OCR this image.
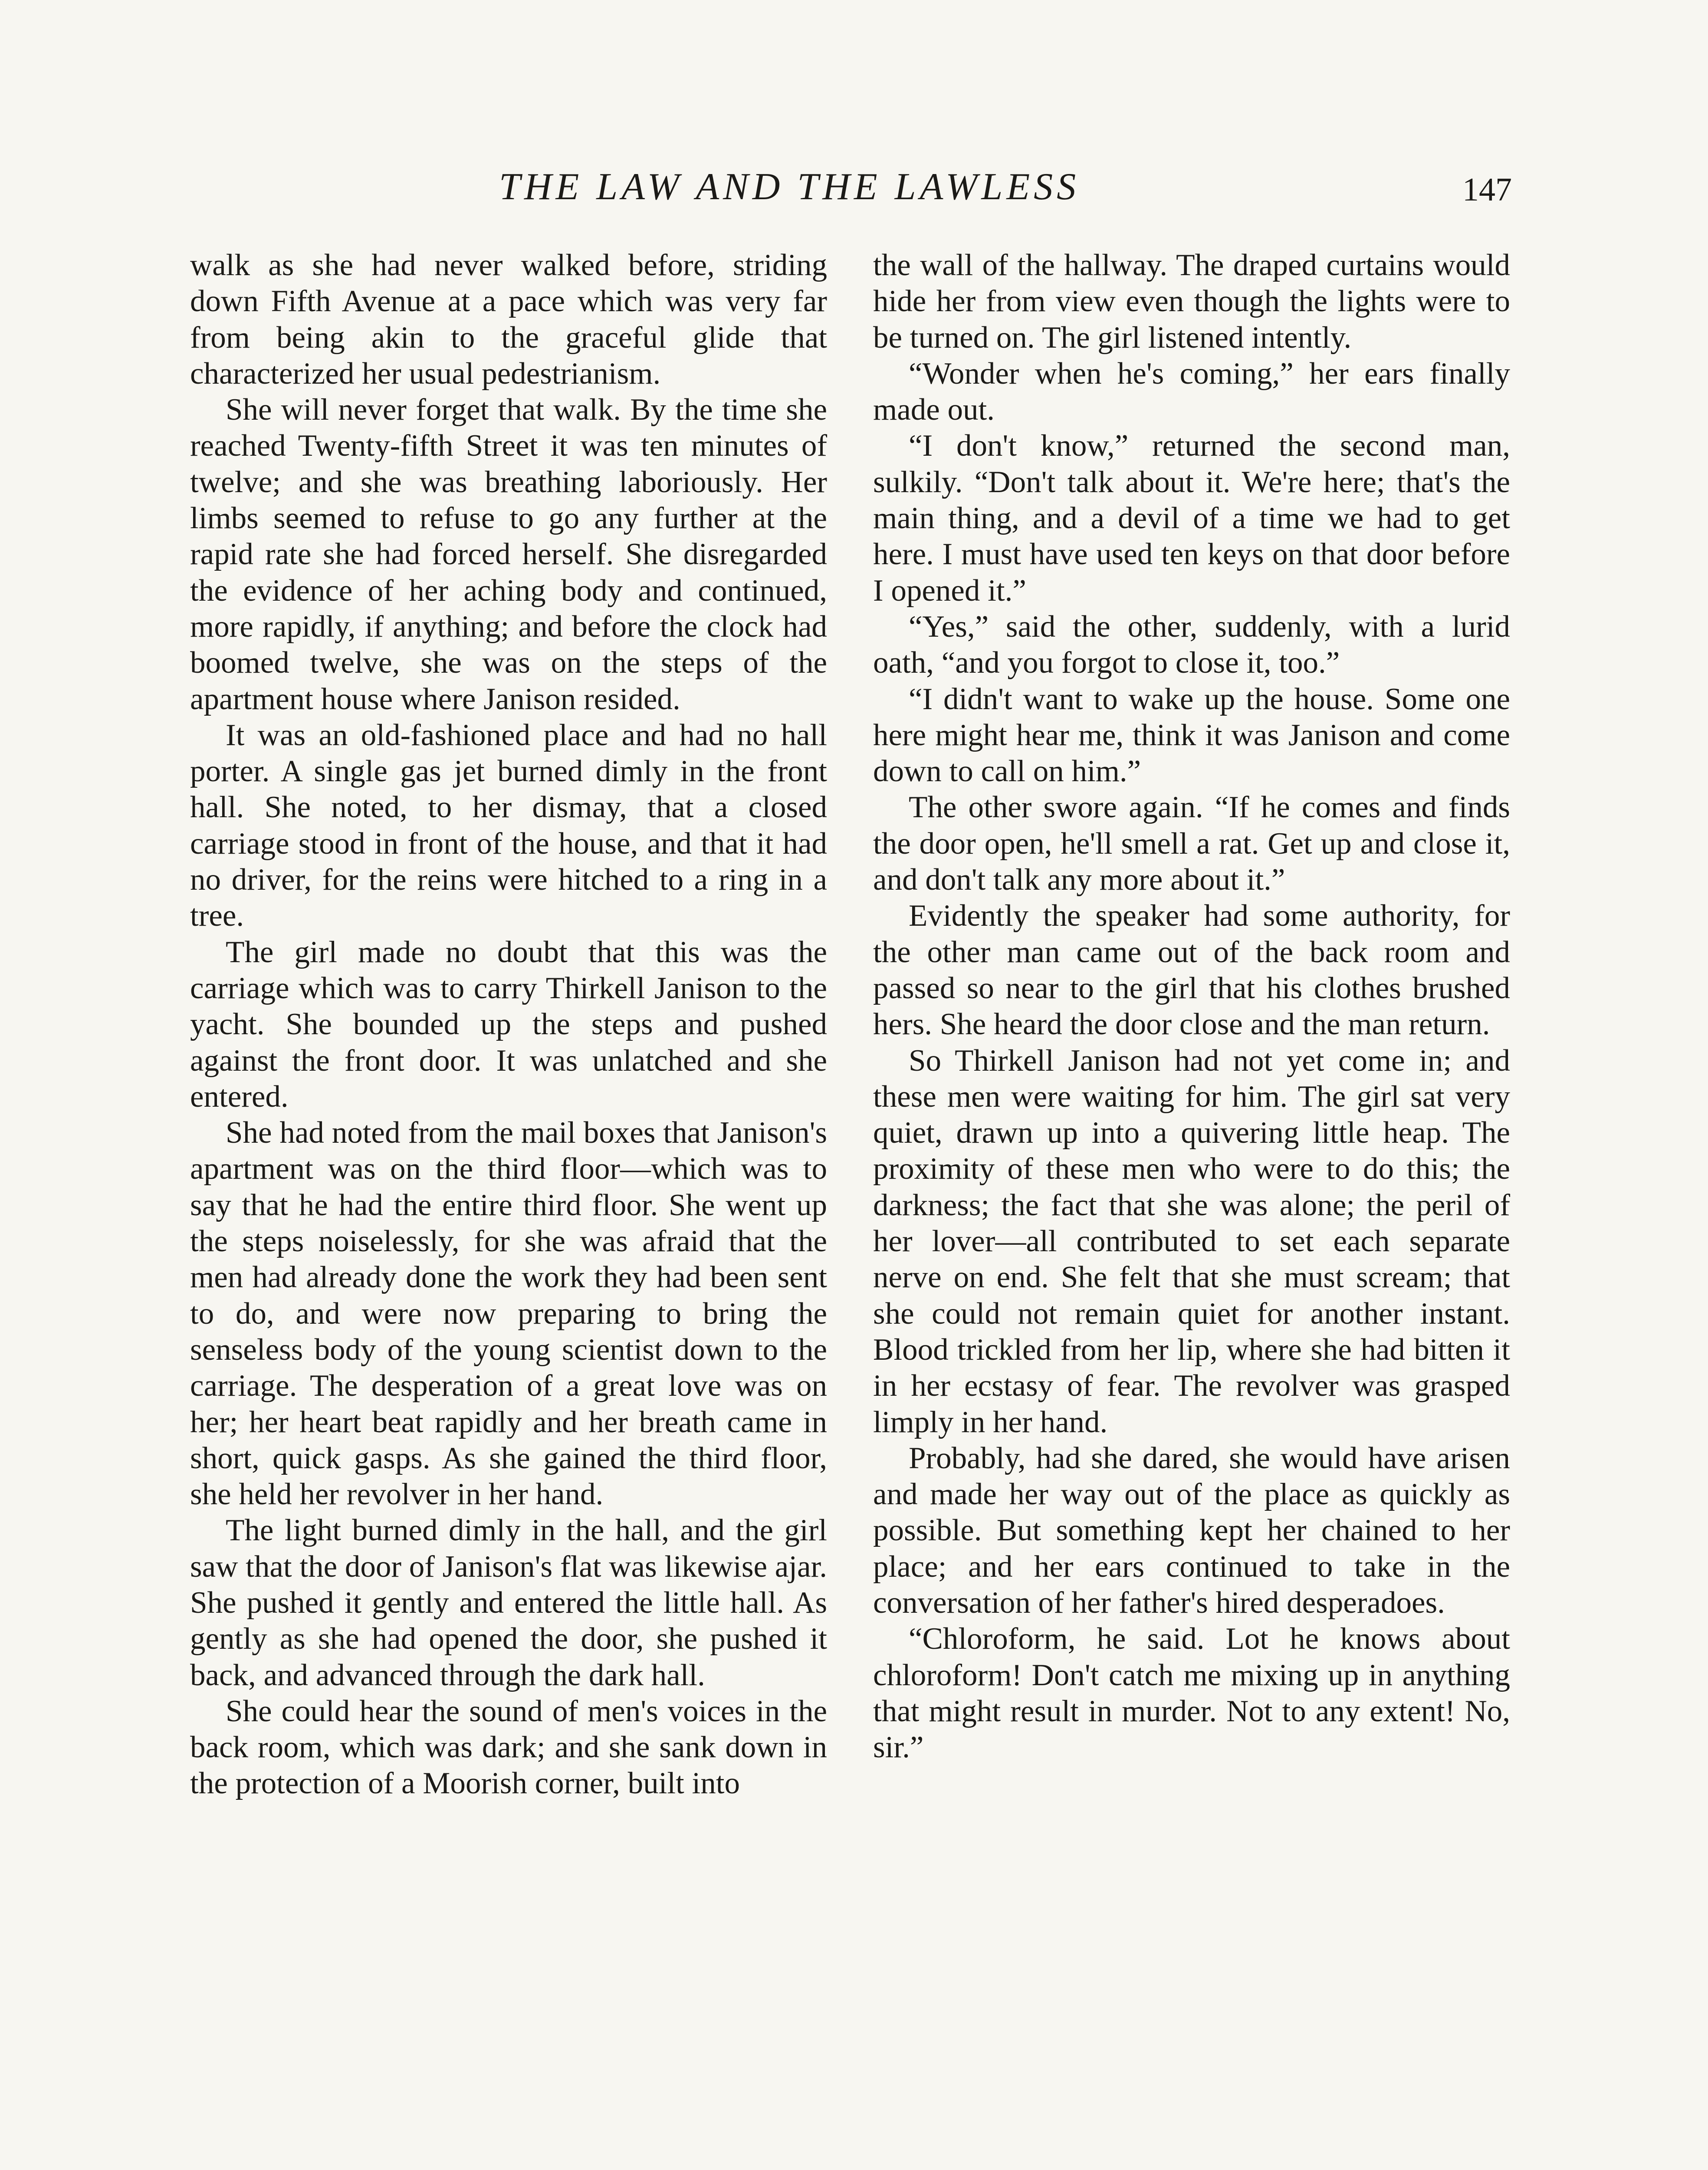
THE LAW AND THE LAWLESS	147

walk as she had never walked before, striding down Fifth Avenue at a pace which was very far from being akin to the graceful glide that characterized her usual pedestrianism.

She will never forget that walk. By the time she reached Twenty-fifth Street it was ten minutes of twelve; and she was breathing laboriously. Her limbs seemed to refuse to go any further at the rapid rate she had forced herself. She disregarded the evidence of her aching body and continued, more rapidly, if anything; and before the clock had boomed twelve, she was on the steps of the apartment house where Janison resided.

It was an old-fashioned place and had no hall porter. A single gas jet burned dimly in the front hall. She noted, to her dismay, that a closed carriage stood in front of the house, and that it had no driver, for the reins were hitched to a ring in a tree.

The girl made no doubt that this was the carriage which was to carry Thirkell Janison to the yacht. She bounded up the steps and pushed against the front door. It was unlatched and she entered.

She had noted from the mail boxes that Janison's apartment was on the third floor—which was to say that he had the entire third floor. She went up the steps noiselessly, for she was afraid that the men had already done the work they had been sent to do, and were now preparing to bring the senseless body of the young scientist down to the carriage. The desperation of a great love was on her; her heart beat rapidly and her breath came in short, quick gasps. As she gained the third floor, she held her revolver in her hand.

The light burned dimly in the hall, and the girl saw that the door of Janison's flat was likewise ajar. She pushed it gently and entered the little hall. As gently as she had opened the door, she pushed it back, and advanced through the dark hall.

She could hear the sound of men's voices in the back room, which was dark; and she sank down in the protection of a Moorish corner, built into

the wall of the hallway. The draped curtains would hide her from view even though the lights were to be turned on. The girl listened intently.

“Wonder when he's coming,” her ears finally made out.

“I don't know,” returned the second man, sulkily. “Don't talk about it. We're here; that's the main thing, and a devil of a time we had to get here. I must have used ten keys on that door before I opened it.”

“Yes,” said the other, suddenly, with a lurid oath, “and you forgot to close it, too.”

“I didn't want to wake up the house. Some one here might hear me, think it was Janison and come down to call on him.”

The other swore again. “If he comes and finds the door open, he'll smell a rat. Get up and close it, and don't talk any more about it.”

Evidently the speaker had some authority, for the other man came out of the back room and passed so near to the girl that his clothes brushed hers. She heard the door close and the man return.

So Thirkell Janison had not yet come in; and these men were waiting for him. The girl sat very quiet, drawn up into a quivering little heap. The proximity of these men who were to do this; the darkness; the fact that she was alone; the peril of her lover—all contributed to set each separate nerve on end. She felt that she must scream; that she could not remain quiet for another instant. Blood trickled from her lip, where she had bitten it in her ecstasy of fear. The revolver was grasped limply in her hand.

Probably, had she dared, she would have arisen and made her way out of the place as quickly as possible. But something kept her chained to her place; and her ears continued to take in the conversation of her father's hired desperadoes.

“Chloroform, he said. Lot he knows about chloroform! Don't catch me mixing up in anything that might result in murder. Not to any extent! No, sir.”
